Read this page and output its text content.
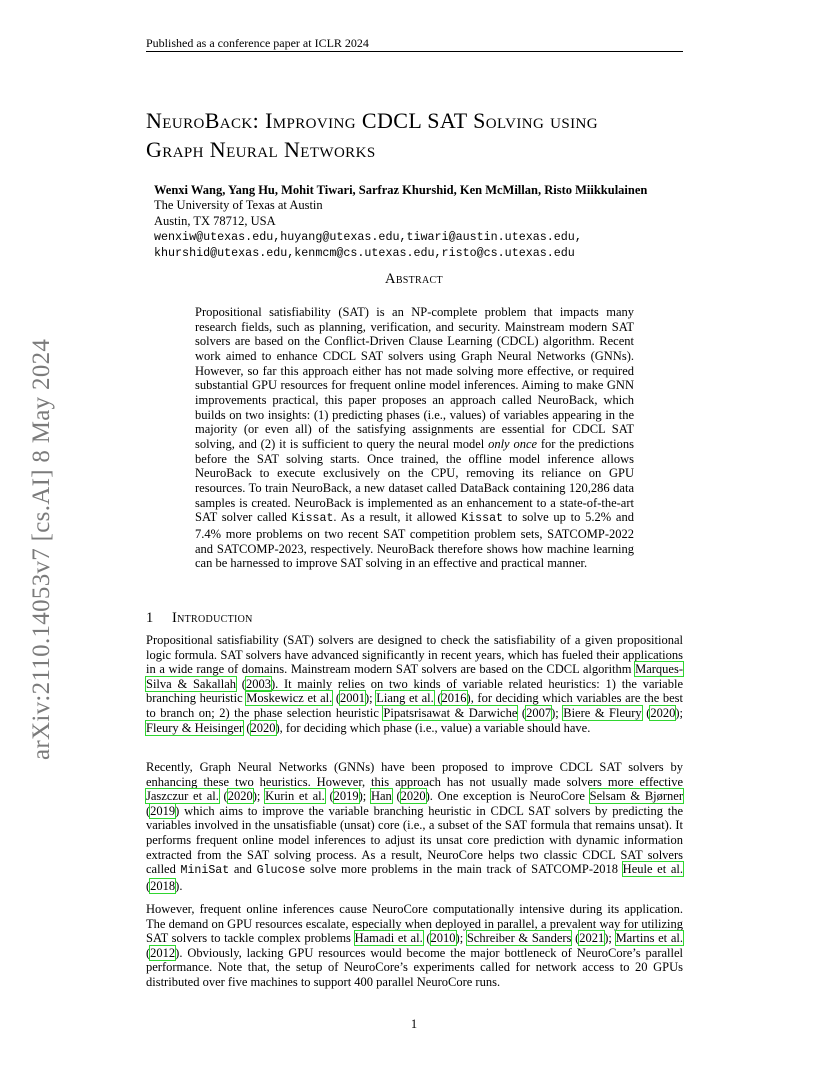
Published as a conference paper at ICLR 2024
arXiv:2110.14053v7 [cs.AI] 8 May 2024
NeuroBack: Improving CDCL SAT Solving using
Graph Neural Networks
Wenxi Wang, Yang Hu, Mohit Tiwari, Sarfraz Khurshid, Ken McMillan, Risto Miikkulainen
The University of Texas at Austin
Austin, TX 78712, USA
wenxiw@utexas.edu,huyang@utexas.edu,tiwari@austin.utexas.edu,
khurshid@utexas.edu,kenmcm@cs.utexas.edu,risto@cs.utexas.edu
Abstract
Propositional satisfiability (SAT) is an NP-complete problem that impacts many research fields, such as planning, verification, and security. Mainstream modern SAT solvers are based on the Conflict-Driven Clause Learning (CDCL) algorithm. Recent work aimed to enhance CDCL SAT solvers using Graph Neural Networks (GNNs). However, so far this approach either has not made solving more effective, or required substantial GPU resources for frequent online model inferences. Aiming to make GNN improvements practical, this paper proposes an approach called NeuroBack, which builds on two insights: (1) predicting phases (i.e., values) of variables appearing in the majority (or even all) of the satisfying assignments are essential for CDCL SAT solving, and (2) it is sufficient to query the neural model only once for the predictions before the SAT solving starts. Once trained, the offline model inference allows NeuroBack to execute exclusively on the CPU, removing its reliance on GPU resources. To train NeuroBack, a new dataset called DataBack containing 120,286 data samples is created. NeuroBack is implemented as an enhancement to a state-of-the-art SAT solver called Kissat. As a result, it allowed Kissat to solve up to 5.2% and 7.4% more problems on two recent SAT competition problem sets, SATCOMP-2022 and SATCOMP-2023, respectively. NeuroBack therefore shows how machine learning can be harnessed to improve SAT solving in an effective and practical manner.
1 Introduction
Propositional satisfiability (SAT) solvers are designed to check the satisfiability of a given propositional logic formula. SAT solvers have advanced significantly in recent years, which has fueled their applications in a wide range of domains. Mainstream modern SAT solvers are based on the CDCL algorithm Marques-Silva & Sakallah (2003). It mainly relies on two kinds of variable related heuristics: 1) the variable branching heuristic Moskewicz et al. (2001); Liang et al. (2016), for deciding which variables are the best to branch on; 2) the phase selection heuristic Pipatsrisawat & Darwiche (2007); Biere & Fleury (2020); Fleury & Heisinger (2020), for deciding which phase (i.e., value) a variable should have.
Recently, Graph Neural Networks (GNNs) have been proposed to improve CDCL SAT solvers by enhancing these two heuristics. However, this approach has not usually made solvers more effective Jaszczur et al. (2020); Kurin et al. (2019); Han (2020). One exception is NeuroCore Selsam & Bjørner (2019) which aims to improve the variable branching heuristic in CDCL SAT solvers by predicting the variables involved in the unsatisfiable (unsat) core (i.e., a subset of the SAT formula that remains unsat). It performs frequent online model inferences to adjust its unsat core prediction with dynamic information extracted from the SAT solving process. As a result, NeuroCore helps two classic CDCL SAT solvers called MiniSat and Glucose solve more problems in the main track of SATCOMP-2018 Heule et al. (2018).
However, frequent online inferences cause NeuroCore computationally intensive during its application. The demand on GPU resources escalate, especially when deployed in parallel, a prevalent way for utilizing SAT solvers to tackle complex problems Hamadi et al. (2010); Schreiber & Sanders (2021); Martins et al. (2012). Obviously, lacking GPU resources would become the major bottleneck of NeuroCore’s parallel performance. Note that, the setup of NeuroCore’s experiments called for network access to 20 GPUs distributed over five machines to support 400 parallel NeuroCore runs.
1
